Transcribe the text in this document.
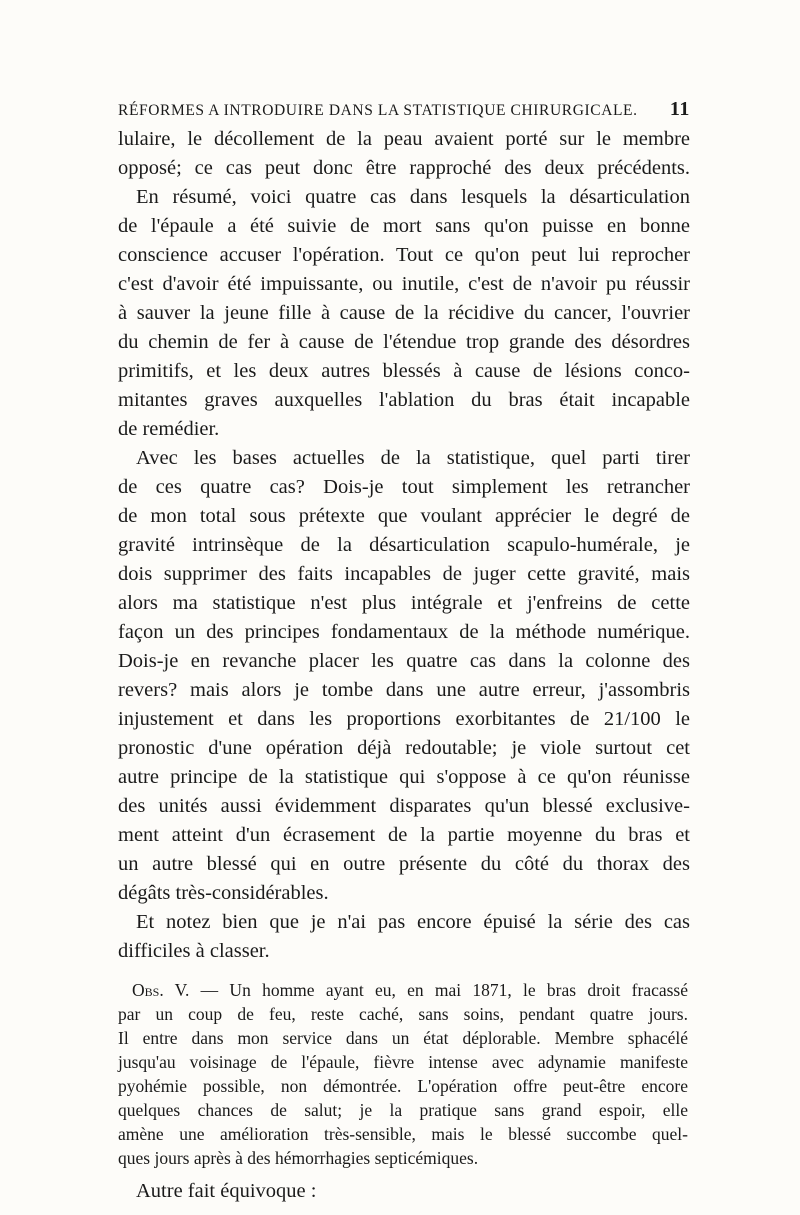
RÉFORMES A INTRODUIRE DANS LA STATISTIQUE CHIRURGICALE. 11
lulaire, le décollement de la peau avaient porté sur le membre
opposé; ce cas peut donc être rapproché des deux précédents.
En résumé, voici quatre cas dans lesquels la désarticulation
de l'épaule a été suivie de mort sans qu'on puisse en bonne
conscience accuser l'opération. Tout ce qu'on peut lui reprocher
c'est d'avoir été impuissante, ou inutile, c'est de n'avoir pu réussir
à sauver la jeune fille à cause de la récidive du cancer, l'ouvrier
du chemin de fer à cause de l'étendue trop grande des désordres
primitifs, et les deux autres blessés à cause de lésions conco-
mitantes graves auxquelles l'ablation du bras était incapable
de remédier.
Avec les bases actuelles de la statistique, quel parti tirer
de ces quatre cas? Dois-je tout simplement les retrancher
de mon total sous prétexte que voulant apprécier le degré de
gravité intrinsèque de la désarticulation scapulo-humérale, je
dois supprimer des faits incapables de juger cette gravité, mais
alors ma statistique n'est plus intégrale et j'enfreins de cette
façon un des principes fondamentaux de la méthode numérique.
Dois-je en revanche placer les quatre cas dans la colonne des
revers? mais alors je tombe dans une autre erreur, j'assombris
injustement et dans les proportions exorbitantes de 21/100 le
pronostic d'une opération déjà redoutable; je viole surtout cet
autre principe de la statistique qui s'oppose à ce qu'on réunisse
des unités aussi évidemment disparates qu'un blessé exclusive-
ment atteint d'un écrasement de la partie moyenne du bras et
un autre blessé qui en outre présente du côté du thorax des
dégâts très-considérables.
Et notez bien que je n'ai pas encore épuisé la série des cas
difficiles à classer.
Obs. V. — Un homme ayant eu, en mai 1871, le bras droit fracassé
par un coup de feu, reste caché, sans soins, pendant quatre jours.
Il entre dans mon service dans un état déplorable. Membre sphacélé
jusqu'au voisinage de l'épaule, fièvre intense avec adynamie manifeste
pyohémie possible, non démontrée. L'opération offre peut-être encore
quelques chances de salut; je la pratique sans grand espoir, elle
amène une amélioration très-sensible, mais le blessé succombe quel-
ques jours après à des hémorrhagies septicémiques.
Autre fait équivoque :
